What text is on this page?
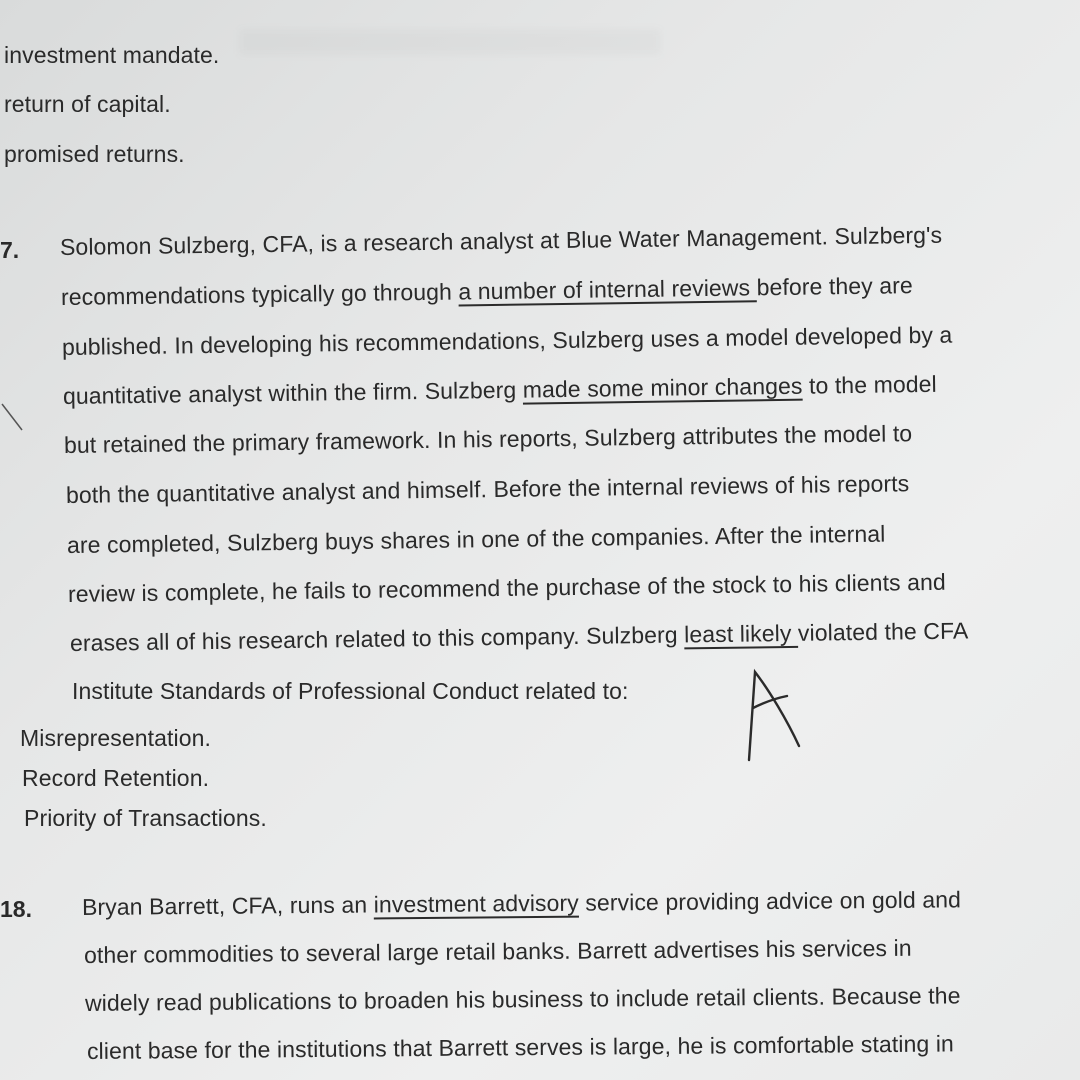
investment mandate.
return of capital.
promised returns.
7. Solomon Sulzberg, CFA, is a research analyst at Blue Water Management. Sulzberg's
recommendations typically go through a number of internal reviews before they are
published. In developing his recommendations, Sulzberg uses a model developed by a
quantitative analyst within the firm. Sulzberg made some minor changes to the model
but retained the primary framework. In his reports, Sulzberg attributes the model to
both the quantitative analyst and himself. Before the internal reviews of his reports
are completed, Sulzberg buys shares in one of the companies. After the internal
review is complete, he fails to recommend the purchase of the stock to his clients and
erases all of his research related to this company. Sulzberg least likely violated the CFA
Institute Standards of Professional Conduct related to:
Misrepresentation.
Record Retention.
Priority of Transactions.
18. Bryan Barrett, CFA, runs an investment advisory service providing advice on gold and
other commodities to several large retail banks. Barrett advertises his services in
widely read publications to broaden his business to include retail clients. Because the
client base for the institutions that Barrett serves is large, he is comfortable stating in
